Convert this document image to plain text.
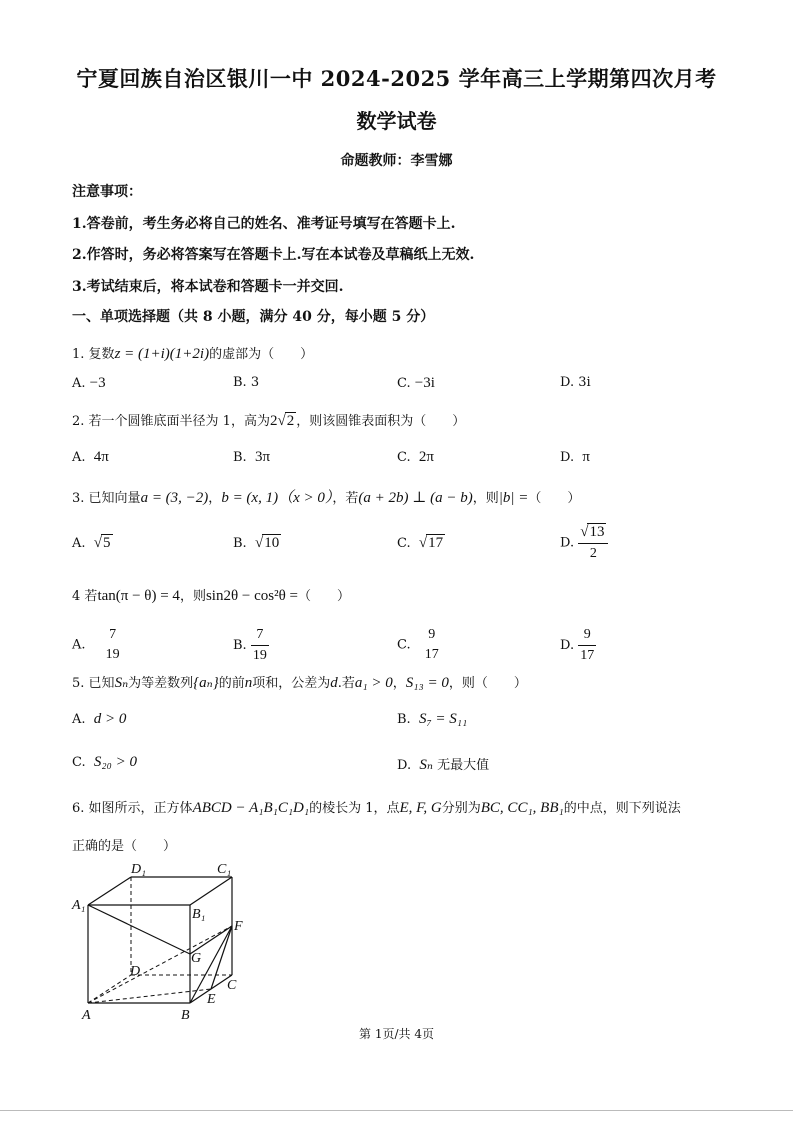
宁夏回族自治区银川一中 2024-2025 学年高三上学期第四次月考
数学试卷
命题教师：李雪娜
注意事项：
1.答卷前，考生务必将自己的姓名、准考证号填写在答题卡上.
2.作答时，务必将答案写在答题卡上.写在本试卷及草稿纸上无效.
3.考试结束后，将本试卷和答题卡一并交回.
一、单项选择题（共 8 小题，满分 40 分，每小题 5 分）
1. 复数z = (1+i)(1+2i)的虚部为（　　）
A. −3	B. 3	C. −3i	D. 3i
2. 若一个圆锥底面半径为 1，高为2√2 ，则该圆锥表面积为（　　）
A. 4π	B. 3π	C. 2π	D. π
3. 已知向量a = (3, −2)，b = (x, 1)（x > 0），若(a + 2b) ⊥ (a − b)，则|b| =（　　）
A. √5	B. √10	C. √17	D. $\frac{√13}{2}$
4 若tan(π − θ) = 4，则sin2θ − cos²θ =（　　）
A.
7
19
B. $\frac{7}{19}$	C.
9
17
D. $\frac{9}{17}$
5. 已知Sₙ为等差数列{aₙ}的前n项和，公差为d.若a₁ > 0，S₁₃ = 0，则（　　）
A. d > 0	B. S₇ = S₁₁
C. S₂₀ > 0	D. Sₙ 无最大值
6. 如图所示，正方体ABCD − A₁B₁C₁D₁的棱长为 1，点E, F, G分别为BC, CC₁, BB₁的中点，则下列说法
正确的是（　　）
D₁	C₁
A₁
B₁
F
G
D
C
E
A	B
第 1页/共 4页
